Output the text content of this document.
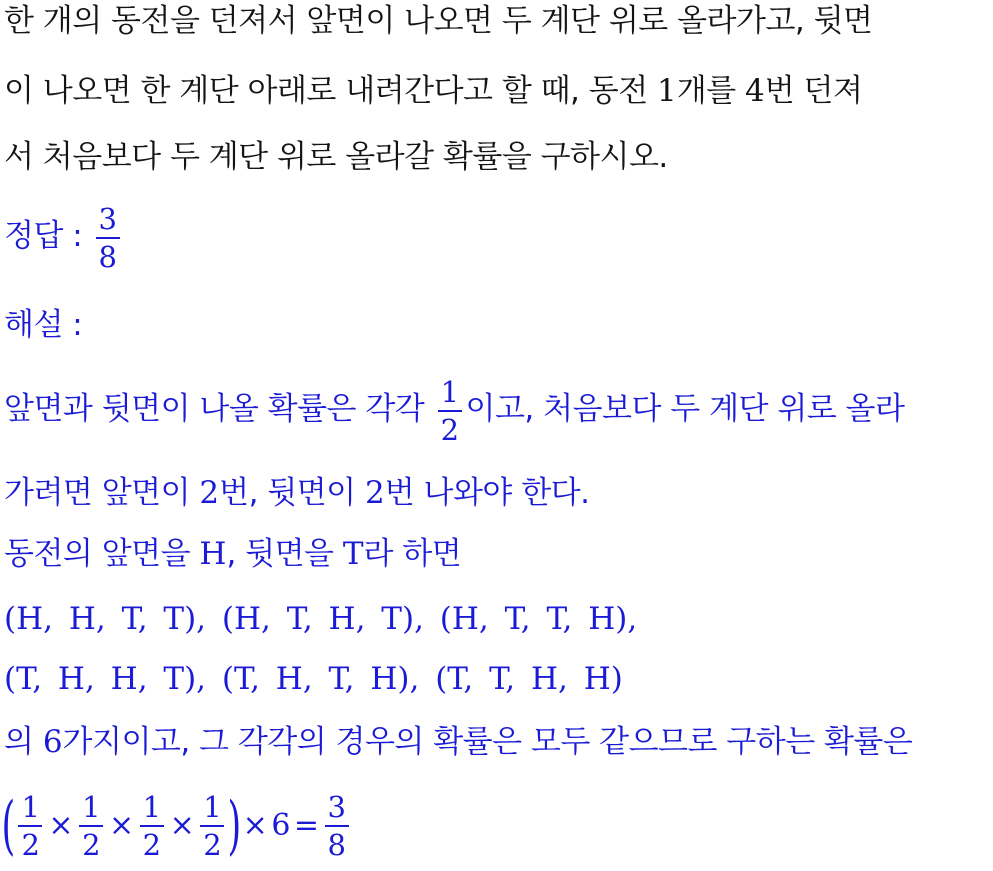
한 개의 동전을 던져서 앞면이 나오면 두 계단 위로 올라가고, 뒷면
이 나오면 한 계단 아래로 내려간다고 할 때, 동전 1개를 4번 던져
서 처음보다 두 계단 위로 올라갈 확률을 구하시오.
정답 : $\frac{3}{8}$
해설 :
앞면과 뒷면이 나올 확률은 각각 $\frac{1}{2}$ 이고, 처음보다 두 계단 위로 올라
가려면 앞면이 2번, 뒷면이 2번 나와야 한다.
동전의 앞면을 H, 뒷면을 T라 하면
(H, H, T, T), (H, T, H, T), (H, T, T, H),
(T, H, H, T), (T, H, T, H), (T, T, H, H)
의 6가지이고, 그 각각의 경우의 확률은 모두 같으므로 구하는 확률은
( $\frac{1}{2} \times \frac{1}{2} \times \frac{1}{2} \times \frac{1}{2}$ )× $6 = \frac{3}{8}$
